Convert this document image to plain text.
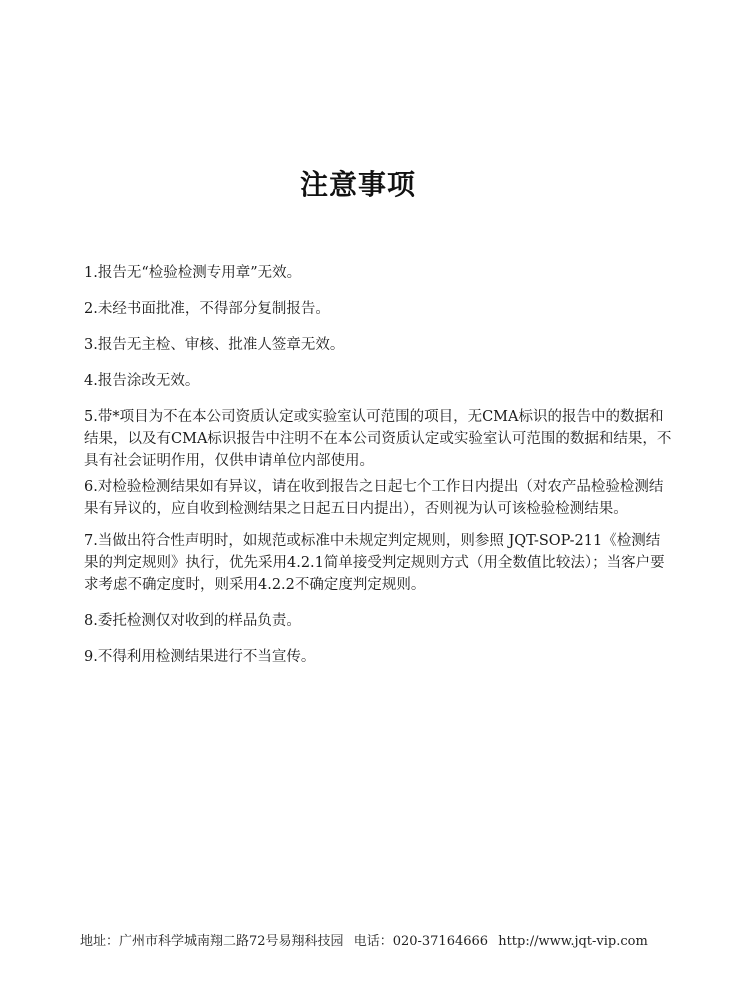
注意事项
1.报告无“检验检测专用章”无效。
2.未经书面批准，不得部分复制报告。
3.报告无主检、审核、批准人签章无效。
4.报告涂改无效。
5.带*项目为不在本公司资质认定或实验室认可范围的项目，无CMA标识的报告中的数据和结果，以及有CMA标识报告中注明不在本公司资质认定或实验室认可范围的数据和结果，不具有社会证明作用，仅供申请单位内部使用。
6.对检验检测结果如有异议，请在收到报告之日起七个工作日内提出（对农产品检验检测结果有异议的，应自收到检测结果之日起五日内提出），否则视为认可该检验检测结果。
7.当做出符合性声明时，如规范或标准中未规定判定规则，则参照 JQT-SOP-211《检测结果的判定规则》执行，优先采用4.2.1简单接受判定规则方式（用全数值比较法）；当客户要求考虑不确定度时，则采用4.2.2不确定度判定规则。
8.委托检测仅对收到的样品负责。
9.不得利用检测结果进行不当宣传。
地址：广州市科学城南翔二路72号易翔科技园 电话：020-37164666 http://www.jqt-vip.com
